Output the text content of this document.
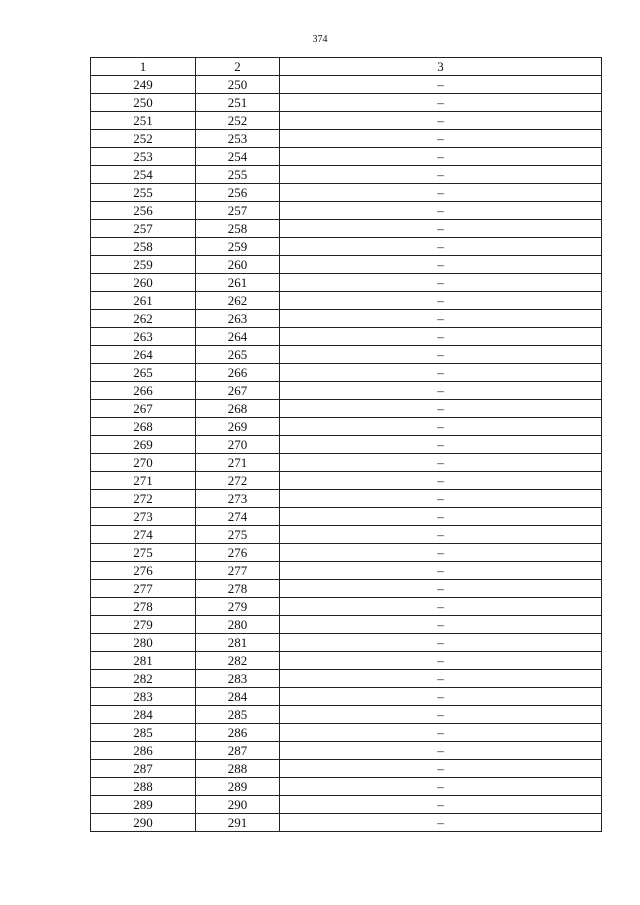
374
1	2	3
249	250	–
250	251	–
251	252	–
252	253	–
253	254	–
254	255	–
255	256	–
256	257	–
257	258	–
258	259	–
259	260	–
260	261	–
261	262	–
262	263	–
263	264	–
264	265	–
265	266	–
266	267	–
267	268	–
268	269	–
269	270	–
270	271	–
271	272	–
272	273	–
273	274	–
274	275	–
275	276	–
276	277	–
277	278	–
278	279	–
279	280	–
280	281	–
281	282	–
282	283	–
283	284	–
284	285	–
285	286	–
286	287	–
287	288	–
288	289	–
289	290	–
290	291	–
